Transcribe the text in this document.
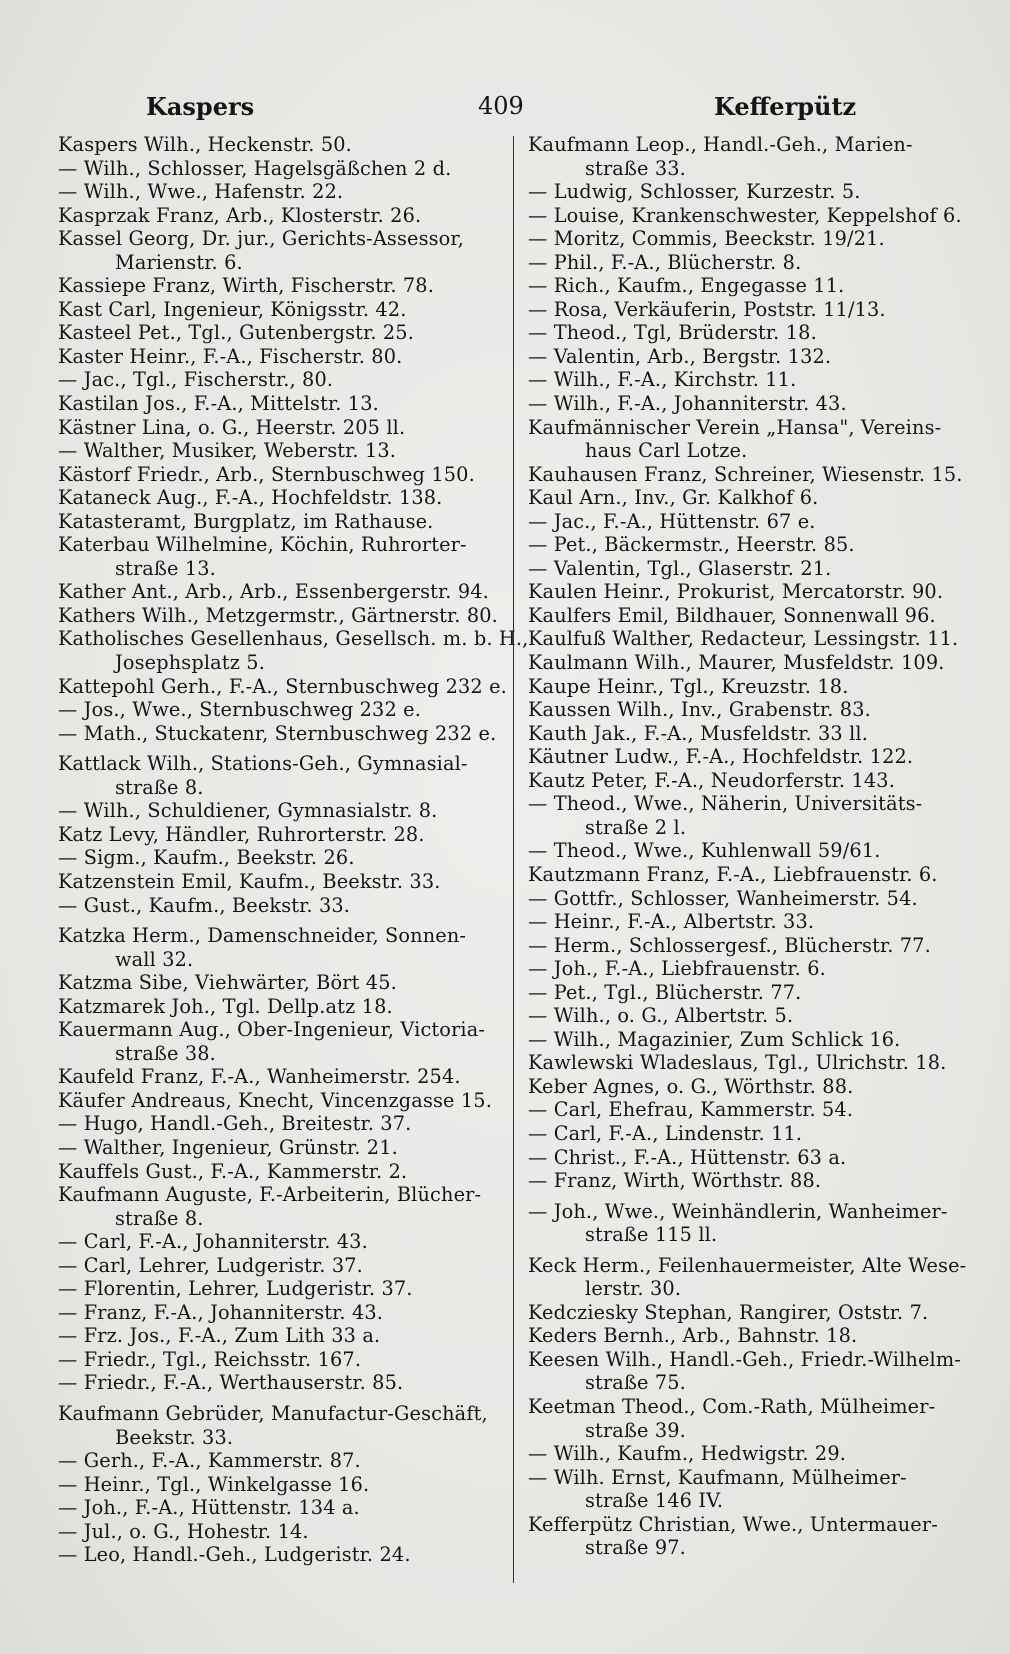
Kaspers	409	Kefferpütz
Kaspers Wilh., Heckenstr. 50.
— Wilh., Schlosser, Hagelsgäßchen 2 d.
— Wilh., Wwe., Hafenstr. 22.
Kasprzak Franz, Arb., Klosterstr. 26.
Kassel Georg, Dr. jur., Gerichts-Assessor,
Marienstr. 6.
Kassiepe Franz, Wirth, Fischerstr. 78.
Kast Carl, Ingenieur, Königsstr. 42.
Kasteel Pet., Tgl., Gutenbergstr. 25.
Kaster Heinr., F.-A., Fischerstr. 80.
— Jac., Tgl., Fischerstr., 80.
Kastilan Jos., F.-A., Mittelstr. 13.
Kästner Lina, o. G., Heerstr. 205 ll.
— Walther, Musiker, Weberstr. 13.
Kästorf Friedr., Arb., Sternbuschweg 150.
Kataneck Aug., F.-A., Hochfeldstr. 138.
Katasteramt, Burgplatz, im Rathause.
Katerbau Wilhelmine, Köchin, Ruhrorter-
straße 13.
Kather Ant., Arb., Arb., Essenbergerstr. 94.
Kathers Wilh., Metzgermstr., Gärtnerstr. 80.
Katholisches Gesellenhaus, Gesellsch. m. b. H.,
Josephsplatz 5.
Kattepohl Gerh., F.-A., Sternbuschweg 232 e.
— Jos., Wwe., Sternbuschweg 232 e.
— Math., Stuckatenr, Sternbuschweg 232 e.
Kattlack Wilh., Stations-Geh., Gymnasial-
straße 8.
— Wilh., Schuldiener, Gymnasialstr. 8.
Katz Levy, Händler, Ruhrorterstr. 28.
— Sigm., Kaufm., Beekstr. 26.
Katzenstein Emil, Kaufm., Beekstr. 33.
— Gust., Kaufm., Beekstr. 33.
Katzka Herm., Damenschneider, Sonnen-
wall 32.
Katzma Sibe, Viehwärter, Bört 45.
Katzmarek Joh., Tgl. Dellp.atz 18.
Kauermann Aug., Ober-Ingenieur, Victoria-
straße 38.
Kaufeld Franz, F.-A., Wanheimerstr. 254.
Käufer Andreaus, Knecht, Vincenzgasse 15.
— Hugo, Handl.-Geh., Breitestr. 37.
— Walther, Ingenieur, Grünstr. 21.
Kauffels Gust., F.-A., Kammerstr. 2.
Kaufmann Auguste, F.-Arbeiterin, Blücher-
straße 8.
— Carl, F.-A., Johanniterstr. 43.
— Carl, Lehrer, Ludgeristr. 37.
— Florentin, Lehrer, Ludgeristr. 37.
— Franz, F.-A., Johanniterstr. 43.
— Frz. Jos., F.-A., Zum Lith 33 a.
— Friedr., Tgl., Reichsstr. 167.
— Friedr., F.-A., Werthauserstr. 85.
Kaufmann Gebrüder, Manufactur-Geschäft,
Beekstr. 33.
— Gerh., F.-A., Kammerstr. 87.
— Heinr., Tgl., Winkelgasse 16.
— Joh., F.-A., Hüttenstr. 134 a.
— Jul., o. G., Hohestr. 14.
— Leo, Handl.-Geh., Ludgeristr. 24.
Kaufmann Leop., Handl.-Geh., Marien-
straße 33.
— Ludwig, Schlosser, Kurzestr. 5.
— Louise, Krankenschwester, Keppelshof 6.
— Moritz, Commis, Beeckstr. 19/21.
— Phil., F.-A., Blücherstr. 8.
— Rich., Kaufm., Engegasse 11.
— Rosa, Verkäuferin, Poststr. 11/13.
— Theod., Tgl, Brüderstr. 18.
— Valentin, Arb., Bergstr. 132.
— Wilh., F.-A., Kirchstr. 11.
— Wilh., F.-A., Johanniterstr. 43.
Kaufmännischer Verein „Hansa", Vereins-
haus Carl Lotze.
Kauhausen Franz, Schreiner, Wiesenstr. 15.
Kaul Arn., Inv., Gr. Kalkhof 6.
— Jac., F.-A., Hüttenstr. 67 e.
— Pet., Bäckermstr., Heerstr. 85.
— Valentin, Tgl., Glaserstr. 21.
Kaulen Heinr., Prokurist, Mercatorstr. 90.
Kaulfers Emil, Bildhauer, Sonnenwall 96.
Kaulfuß Walther, Redacteur, Lessingstr. 11.
Kaulmann Wilh., Maurer, Musfeldstr. 109.
Kaupe Heinr., Tgl., Kreuzstr. 18.
Kaussen Wilh., Inv., Grabenstr. 83.
Kauth Jak., F.-A., Musfeldstr. 33 ll.
Käutner Ludw., F.-A., Hochfeldstr. 122.
Kautz Peter, F.-A., Neudorferstr. 143.
— Theod., Wwe., Näherin, Universitäts-
straße 2 l.
— Theod., Wwe., Kuhlenwall 59/61.
Kautzmann Franz, F.-A., Liebfrauenstr. 6.
— Gottfr., Schlosser, Wanheimerstr. 54.
— Heinr., F.-A., Albertstr. 33.
— Herm., Schlossergesf., Blücherstr. 77.
— Joh., F.-A., Liebfrauenstr. 6.
— Pet., Tgl., Blücherstr. 77.
— Wilh., o. G., Albertstr. 5.
— Wilh., Magazinier, Zum Schlick 16.
Kawlewski Wladeslaus, Tgl., Ulrichstr. 18.
Keber Agnes, o. G., Wörthstr. 88.
— Carl, Ehefrau, Kammerstr. 54.
— Carl, F.-A., Lindenstr. 11.
— Christ., F.-A., Hüttenstr. 63 a.
— Franz, Wirth, Wörthstr. 88.
— Joh., Wwe., Weinhändlerin, Wanheimer-
straße 115 ll.
Keck Herm., Feilenhauermeister, Alte Wese-
lerstr. 30.
Kedcziesky Stephan, Rangirer, Oststr. 7.
Keders Bernh., Arb., Bahnstr. 18.
Keesen Wilh., Handl.-Geh., Friedr.-Wilhelm-
straße 75.
Keetman Theod., Com.-Rath, Mülheimer-
straße 39.
— Wilh., Kaufm., Hedwigstr. 29.
— Wilh. Ernst, Kaufmann, Mülheimer-
straße 146 IV.
Kefferpütz Christian, Wwe., Untermauer-
straße 97.
